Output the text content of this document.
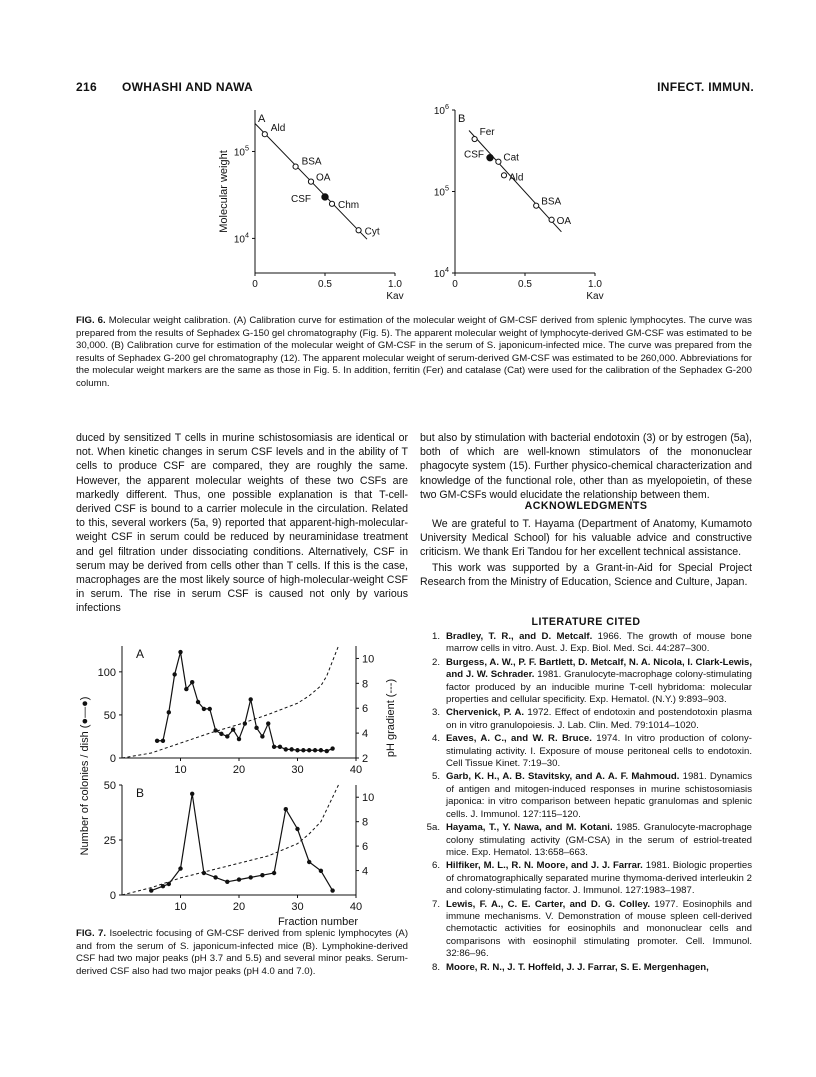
216 OWHASHI AND NAWA	INFECT. IMMUN.
A
0	0.5	1.0
Kav
$10^4$
$10^5$
Molecular weight
Ald
BSA
OA
CSF
Chm
Cyt
B
0	0.5	1.0
Kav
$10^4$
$10^5$
$10^6$
Fer
CSF Cat
Ald
BSA
OA
FIG. 6. Molecular weight calibration. (A) Calibration curve for estimation of the molecular weight of GM-CSF derived from splenic lymphocytes. The curve was prepared from the results of Sephadex G-150 gel chromatography (Fig. 5). The apparent molecular weight of lymphocyte-derived GM-CSF was estimated to be 30,000. (B) Calibration curve for estimation of the molecular weight of GM-CSF in the serum of S. japonicum-infected mice. The curve was prepared from the results of Sephadex G-200 gel chromatography (12). The apparent molecular weight of serum-derived GM-CSF was estimated to be 260,000. Abbreviations for the molecular weight markers are the same as those in Fig. 5. In addition, ferritin (Fer) and catalase (Cat) were used for the calibration of the Sephadex G-200 column.
duced by sensitized T cells in murine schistosomiasis are identical or not. When kinetic changes in serum CSF levels and in the ability of T cells to produce CSF are compared, they are roughly the same. However, the apparent molecular weights of these two CSFs are markedly different. Thus, one possible explanation is that T-cell-derived CSF is bound to a carrier molecule in the circulation. Related to this, several workers (5a, 9) reported that apparent-high-molecular-weight CSF in serum could be reduced by neuraminidase treatment and gel filtration under dissociating conditions. Alternatively, CSF in serum may be derived from cells other than T cells. If this is the case, macrophages are the most likely source of high-molecular-weight CSF in serum. The rise in serum CSF is caused not only by various infections
but also by stimulation with bacterial endotoxin (3) or by estrogen (5a), both of which are well-known stimulators of the mononuclear phagocyte system (15). Further physico-chemical characterization and knowledge of the functional role, other than as myelopoietin, of these two GM-CSFs would elucidate the relationship between them.
ACKNOWLEDGMENTS
We are grateful to T. Hayama (Department of Anatomy, Kumamoto University Medical School) for his valuable advice and constructive criticism. We thank Eri Tandou for her excellent technical assistance.
This work was supported by a Grant-in-Aid for Special Project Research from the Ministry of Education, Science and Culture, Japan.
LITERATURE CITED
1. Bradley, T. R., and D. Metcalf. 1966. The growth of mouse bone marrow cells in vitro. Aust. J. Exp. Biol. Med. Sci. 44:287–300.
2. Burgess, A. W., P. F. Bartlett, D. Metcalf, N. A. Nicola, I. Clark-Lewis, and J. W. Schrader. 1981. Granulocyte-macrophage colony-stimulating factor produced by an inducible murine T-cell hybridoma: molecular properties and cellular specificity. Exp. Hematol. (N.Y.) 9:893–903.
3. Chervenick, P. A. 1972. Effect of endotoxin and postendotoxin plasma on in vitro granulopoiesis. J. Lab. Clin. Med. 79:1014–1020.
4. Eaves, A. C., and W. R. Bruce. 1974. In vitro production of colony-stimulating activity. I. Exposure of mouse peritoneal cells to endotoxin. Cell Tissue Kinet. 7:19–30.
5. Garb, K. H., A. B. Stavitsky, and A. A. F. Mahmoud. 1981. Dynamics of antigen and mitogen-induced responses in murine schistosomiasis japonica: in vitro comparison between hepatic granulomas and splenic cells. J. Immunol. 127:115–120.
5a. Hayama, T., Y. Nawa, and M. Kotani. 1985. Granulocyte-macrophage colony stimulating activity (GM-CSA) in the serum of estriol-treated mice. Exp. Hematol. 13:658–663.
6. Hilfiker, M. L., R. N. Moore, and J. J. Farrar. 1981. Biologic properties of chromatographically separated murine thymoma-derived interleukin 2 and colony-stimulating factor. J. Immunol. 127:1983–1987.
7. Lewis, F. A., C. E. Carter, and D. G. Colley. 1977. Eosinophils and immune mechanisms. V. Demonstration of mouse spleen cell-derived chemotactic activities for eosinophils and mononuclear cells and comparisons with eosinophil stimulating promoter. Cell. Immunol. 32:86–96.
8. Moore, R. N., J. T. Hoffeld, J. J. Farrar, S. E. Mergenhagen,
A
0
50
100
2
4
6
8
10
10	20	30	40
Number of colonies / dish (●—●)	pH gradient (---)
B
0
25
50
4
6
8
10
10	20	30	40
Fraction number
FIG. 7. Isoelectric focusing of GM-CSF derived from splenic lymphocytes (A) and from the serum of S. japonicum-infected mice (B). Lymphokine-derived CSF had two major peaks (pH 3.7 and 5.5) and several minor peaks. Serum-derived CSF also had two major peaks (pH 4.0 and 7.0).
